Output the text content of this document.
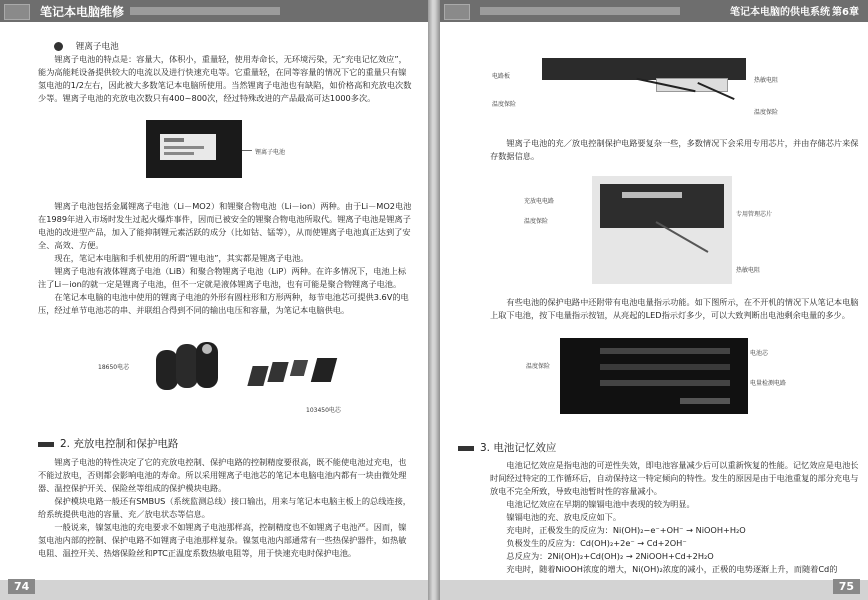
笔记本电脑维修
锂离子电池

锂离子电池的特点是：容量大，体积小，重量轻，使用寿命长，无环境污染，无“充电记忆效应”，能为高能耗设备提供较大的电流以及进行快速充电等。它重量轻，在同等容量的情况下它的重量只有镍氢电池的1/2左右，因此被大多数笔记本电脑所使用。当然锂离子电池也有缺陷，如价格高和充放电次数少等。锂离子电池的充放电次数只有400~800次，经过特殊改进的产品最高可达1000多次。

锂离子电池

锂离子电池包括金属锂离子电池（Li－MO2）和锂聚合物电池（Li－ion）两种。由于Li－MO2电池在1989年进入市场时发生过起火爆炸事件，因而已被安全的锂聚合物电池所取代。锂离子电池是锂离子电池的改进型产品，加入了能抑制锂元素活跃的成分（比如钴、锰等），从而使锂离子电池真正达到了安全、高效、方便。

现在，笔记本电脑和手机使用的所谓“锂电池”，其实都是锂离子电池。

锂离子电池有液体锂离子电池（LiB）和聚合物锂离子电池（LiP）两种。在许多情况下，电池上标注了Li－ion的就一定是锂离子电池，但不一定就是液体锂离子电池，也有可能是聚合物锂离子电池。

在笔记本电脑的电池中使用的锂离子电池的外形有圆柱形和方形两种，每节电池芯可提供3.6V的电压，经过单节电池芯的串、并联组合得到不同的输出电压和容量，为笔记本电脑供电。

18650电芯
103450电芯
2. 充放电控制和保护电路

锂离子电池的特性决定了它的充放电控制、保护电路的控制精度要很高，既不能使电池过充电，也不能过放电，否则都会影响电池的寿命。所以采用锂离子电池芯的笔记本电脑电池内都有一块由微处理器、温控保护开关、保险丝等组成的保护模块电路。

保护模块电路一般还有SMBUS（系统监测总线）接口输出，用来与笔记本电脑主板上的总线连接，给系统提供电池的容量、充／放电状态等信息。

一般说来，镍氢电池的充电要求不如锂离子电池那样高，控制精度也不如锂离子电池严。因而，镍氢电池内部的控制、保护电路不如锂离子电池那样复杂。镍氢电池内部通常有一些热保护器件，如热敏电阻、温控开关、热熔保险丝和PTC正温度系数热敏电阻等，用于快速充电时保护电池。

74
笔记本电脑的供电系统 第6章
电路板
温度保险
热敏电阻
温度保险

锂离子电池的充／放电控制保护电路要复杂一些，多数情况下会采用专用芯片，并由存储芯片来保存数据信息。

充放电电路
温度保险
专用管理芯片
热敏电阻

有些电池的保护电路中还附带有电池电量指示功能。如下图所示，在不开机的情况下从笔记本电脑上取下电池，按下电量指示按钮，从亮起的LED指示灯多少，可以大致判断出电池剩余电量的多少。

温度保险
电池芯
电量检测电路
3. 电池记忆效应

电池记忆效应是指电池的可逆性失效，即电池容量减少后可以重新恢复的性能。记忆效应是电池长时间经过特定的工作循环后，自动保持这一特定倾向的特性。发生的原因是由于电池重复的部分充电与放电不完全所致，导致电池暂时性的容量减小。

电池记忆效应在早期的镍镉电池中表现的较为明显。

镍镉电池的充、放电反应如下。

充电时，正极发生的反应为：Ni(OH)₂−e⁻+OH⁻ → NiOOH+H₂O

负极发生的反应为：Cd(OH)₂+2e⁻ → Cd+2OH⁻

总反应为：2Ni(OH)₂+Cd(OH)₂ → 2NiOOH+Cd+2H₂O

充电时，随着NiOOH浓度的增大，Ni(OH)₂浓度的减小，正极的电势逐渐上升，而随着Cd的

75
